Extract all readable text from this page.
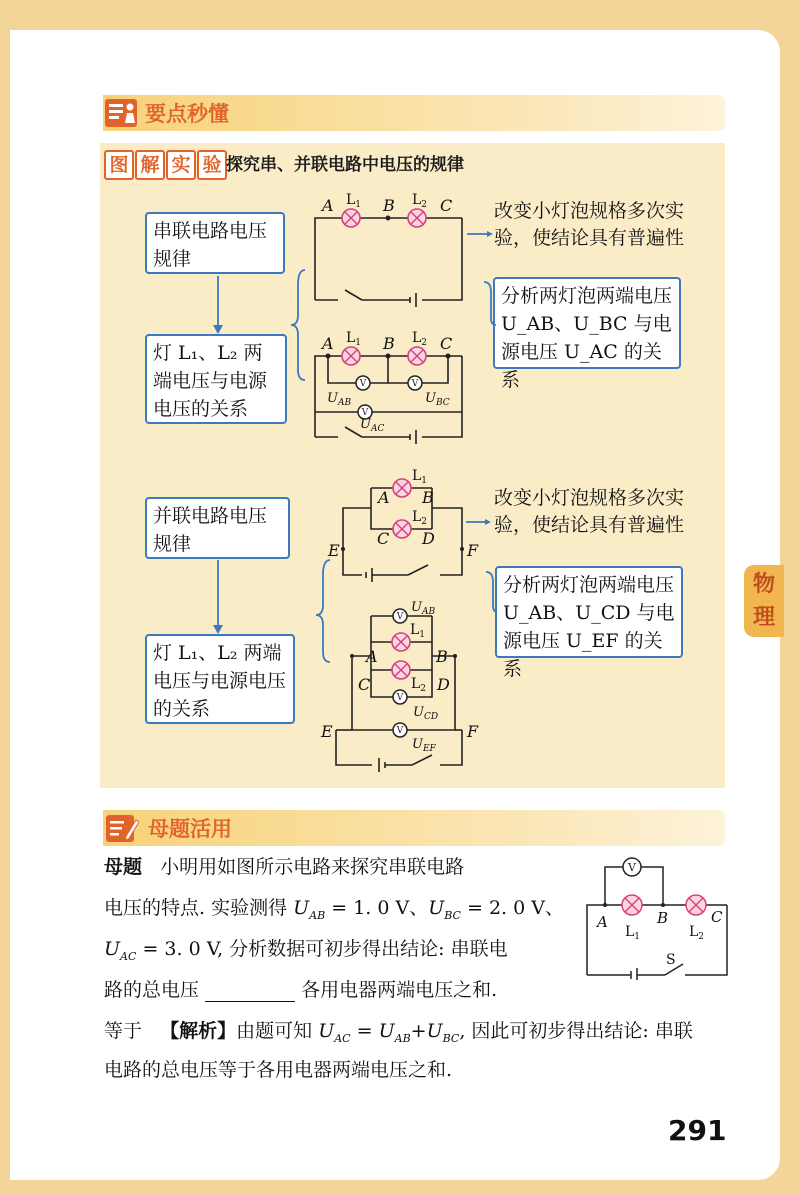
要点秒懂
图 解 实 验 探究串、并联电路中电压的规律
串联电路电压规律
灯 L₁、L₂ 两端电压与电源电压的关系
改变小灯泡规格多次实验，使结论具有普遍性
分析两灯泡两端电压 U_AB、U_BC 与电源电压 U_AC 的关系
并联电路电压规律
灯 L₁、L₂ 两端电压与电源电压的关系
改变小灯泡规格多次实验，使结论具有普遍性
分析两灯泡两端电压 U_AB、U_CD 与电源电压 U_EF 的关系
V	V
V
A	B	C
A	B	C
$U_{AB}$	$U_{BC}$
$U_{AC}$
$L_1$	$L_2$
$L_1$	$L_2$
A B
C D
E	F
$L_1$
$L_2$
V
V
V
A	B
C	D
E	F
$L_1$
$L_2$
$U_{AB}$
$U_{CD}$
$U_{EF}$
母题活用
母题 小明用如图所示电路来探究串联电路
电压的特点. 实验测得 $U_{AB} = 1$. 0 V、$U_{BC} = 2$. 0 V、
$U_{AC} = 3$. 0 V, 分析数据可初步得出结论: 串联电
路的总电压	各用电器两端电压之和.
等于 【解析】由题可知 $U_{AC} = U_{AB}+U_{BC}$, 因此可初步得出结论: 串联
电路的总电压等于各用电器两端电压之和.
V
A	B	C
$L_1$	$L_2$
S
物理
291
